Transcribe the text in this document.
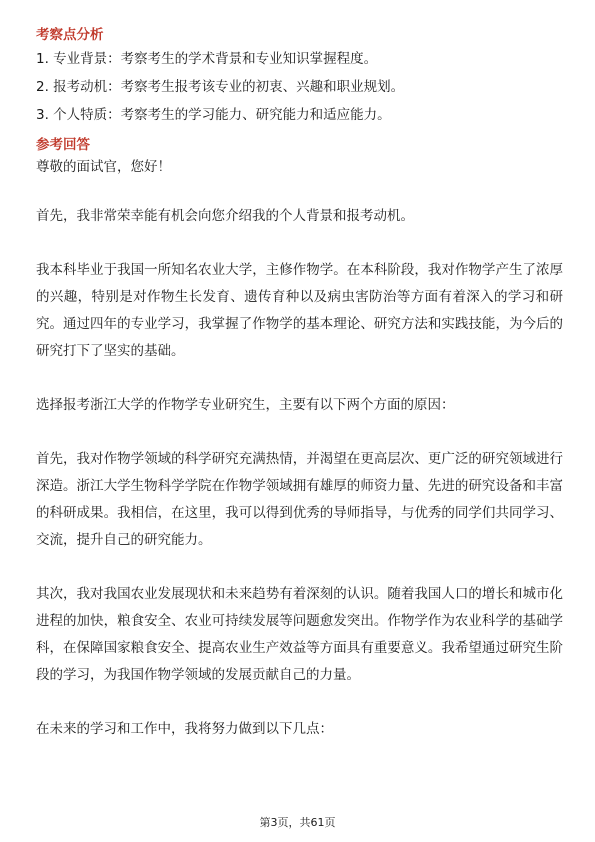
考察点分析
1. 专业背景：考察考生的学术背景和专业知识掌握程度。
2. 报考动机：考察考生报考该专业的初衷、兴趣和职业规划。
3. 个人特质：考察考生的学习能力、研究能力和适应能力。
参考回答

尊敬的面试官，您好！

首先，我非常荣幸能有机会向您介绍我的个人背景和报考动机。

我本科毕业于我国一所知名农业大学，主修作物学。在本科阶段，我对作物学产生了浓厚的兴趣，特别是对作物生长发育、遗传育种以及病虫害防治等方面有着深入的学习和研究。通过四年的专业学习，我掌握了作物学的基本理论、研究方法和实践技能，为今后的研究打下了坚实的基础。

选择报考浙江大学的作物学专业研究生，主要有以下两个方面的原因：

首先，我对作物学领域的科学研究充满热情，并渴望在更高层次、更广泛的研究领域进行深造。浙江大学生物科学学院在作物学领域拥有雄厚的师资力量、先进的研究设备和丰富的科研成果。我相信，在这里，我可以得到优秀的导师指导，与优秀的同学们共同学习、交流，提升自己的研究能力。

其次，我对我国农业发展现状和未来趋势有着深刻的认识。随着我国人口的增长和城市化进程的加快，粮食安全、农业可持续发展等问题愈发突出。作物学作为农业科学的基础学科，在保障国家粮食安全、提高农业生产效益等方面具有重要意义。我希望通过研究生阶段的学习，为我国作物学领域的发展贡献自己的力量。

在未来的学习和工作中，我将努力做到以下几点：

第3页，共61页
